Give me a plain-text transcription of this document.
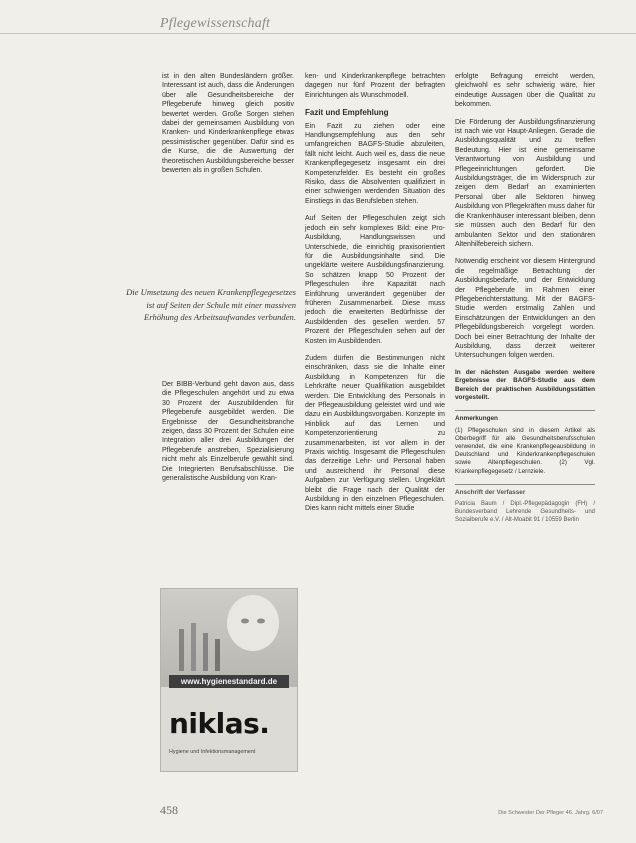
Pflegewissenschaft

ist in den alten Bundesländern größer. Interessant ist auch, dass die Änderungen über alle Gesundheitsbereiche der Pflegeberufe hinweg gleich positiv bewertet werden. Große Sorgen stehen dabei der gemeinsamen Ausbildung von Kranken- und Kinderkrankenpflege etwas pessimistischer gegenüber. Dafür sind es die Kurse, die die Auswertung der theoretischen Ausbildungsbereiche besser bewerten als in großen Schulen.

Die Umsetzung des neuen Krankenpflegegesetzes ist auf Seiten der Schule mit einer massiven Erhöhung des Arbeitsaufwandes verbunden.

Der BIBB-Verbund geht davon aus, dass die Pflegeschulen angehört und zu etwa 30 Prozent der Auszubildenden für Pflegeberufe ausgebildet werden. Die Ergebnisse der Gesundheitsbranche zeigen, dass 30 Prozent der Schulen eine Integration aller drei Ausbildungen der Pflegeberufe anstreben, Spezialisierung nicht mehr als Einzelberufe gewählt sind. Die Integrierten Berufsabschlüsse. Die generalistische Ausbildung von Kran-

www.hygienestandard.de
niklas.
Hygiene und Infektionsmanagement

ken- und Kinderkrankenpflege betrachten dagegen nur fünf Prozent der befragten Einrichtungen als Wunschmodell.

Fazit und Empfehlung

Ein Fazit zu ziehen oder eine Handlungsempfehlung aus den sehr umfangreichen BAGFS-Studie abzuleiten, fällt nicht leicht. Auch weil es, dass die neue Krankenpflegegesetz insgesamt ein drei Kompetenzfelder. Es besteht ein großes Risiko, dass die Absolventen qualifiziert in einer schwierigen werdenden Situation des Einstiegs in das Berufsleben stehen.

Auf Seiten der Pflegeschulen zeigt sich jedoch ein sehr komplexes Bild: eine Pro-Ausbildung, Handlungswissen und Unterschiede, die einrichtig praxisorientiert für die Ausbildungsinhalte sind. Die ungeklärte weitere Ausbildungsfinanzierung. So schätzen knapp 50 Prozent der Pflegeschulen ihre Kapazität nach Einführung unverändert gegenüber der früheren Zusammenarbeit. Diese muss jedoch die erweiterten Bedürfnisse der Ausbildenden des gesellen werden. 57 Prozent der Pflegeschulen sehen auf der Kosten im Ausbildenden.

Zudem dürfen die Bestimmungen nicht einschränken, dass sie die Inhalte einer Ausbildung in Kompetenzen für die Lehrkräfte neuer Qualifikation ausgebildet werden. Die Entwicklung des Personals in der Pflegeausbildung geleistet wird und wie dazu ein Ausbildungsvorgaben. Konzepte im Hinblick auf das Lernen und Kompetenzorientierung zu zusammenarbeiten, ist vor allem in der Praxis wichtig. Insgesamt die Pflegeschulen das derzeitige Lehr- und Personal haben und ausreichend ihr Personal diese Aufgaben zur Verfügung stellen. Ungeklärt bleibt die Frage nach der Qualität der Ausbildung in den einzelnen Pflegeschulen. Dies kann nicht mittels einer Studie

erfolgte Befragung erreicht werden, gleichwohl es sehr schwierig wäre, hier eindeutige Aussagen über die Qualität zu bekommen.

Die Förderung der Ausbildungsfinanzierung ist nach wie vor Haupt-Anliegen. Gerade die Ausbildungsqualität und zu treffen Bedeutung. Hier ist eine gemeinsame Verantwortung von Ausbildung und Pflegeeinrichtungen gefordert. Die Ausbildungsträger, die im Widerspruch zur zeigen dem Bedarf an examinierten Personal über alle Sektoren hinweg Ausbildung von Pflegekräften muss daher für die Krankenhäuser interessant bleiben, denn sie müssen auch den Bedarf für den ambulanten Sektor und den stationären Altenhilfebereich sichern.

Notwendig erscheint vor diesem Hintergrund die regelmäßige Betrachtung der Ausbildungsbedarfe, und der Entwicklung der Pflegeberufe im Rahmen einer Pflegeberichterstattung. Mit der BAGFS-Studie werden erstmalig Zahlen und Einschätzungen der Entwicklungen an den Pflegebildungsbereich vorgelegt worden. Doch bei einer Betrachtung der Inhalte der Ausbildung, dass derzeit weiterer Untersuchungen folgen werden.

In der nächsten Ausgabe werden weitere Ergebnisse der BAGFS-Studie aus dem Bereich der praktischen Ausbildungsstätten vorgestellt.

Anmerkungen
(1) Pflegeschulen sind in diesem Artikel als Oberbegriff für alle Gesundheitsberufsschulen verwendet, die eine Krankenpflegeausbildung in Deutschland und Kinderkrankenpflegeschulen sowie Altenpflegeschulen. (2) Vgl. Krankenpflegegesetz / Lernziele.
Anschrift der Verfasser
Patricia Baum / Dipl.-Pflegepädagogin (FH) / Bundesverband Lehrende Gesundheits- und Sozialberufe e.V. / Alt-Moabit 91 / 10559 Berlin
458	Die Schwester Der Pfleger 46. Jahrg. 6/07
